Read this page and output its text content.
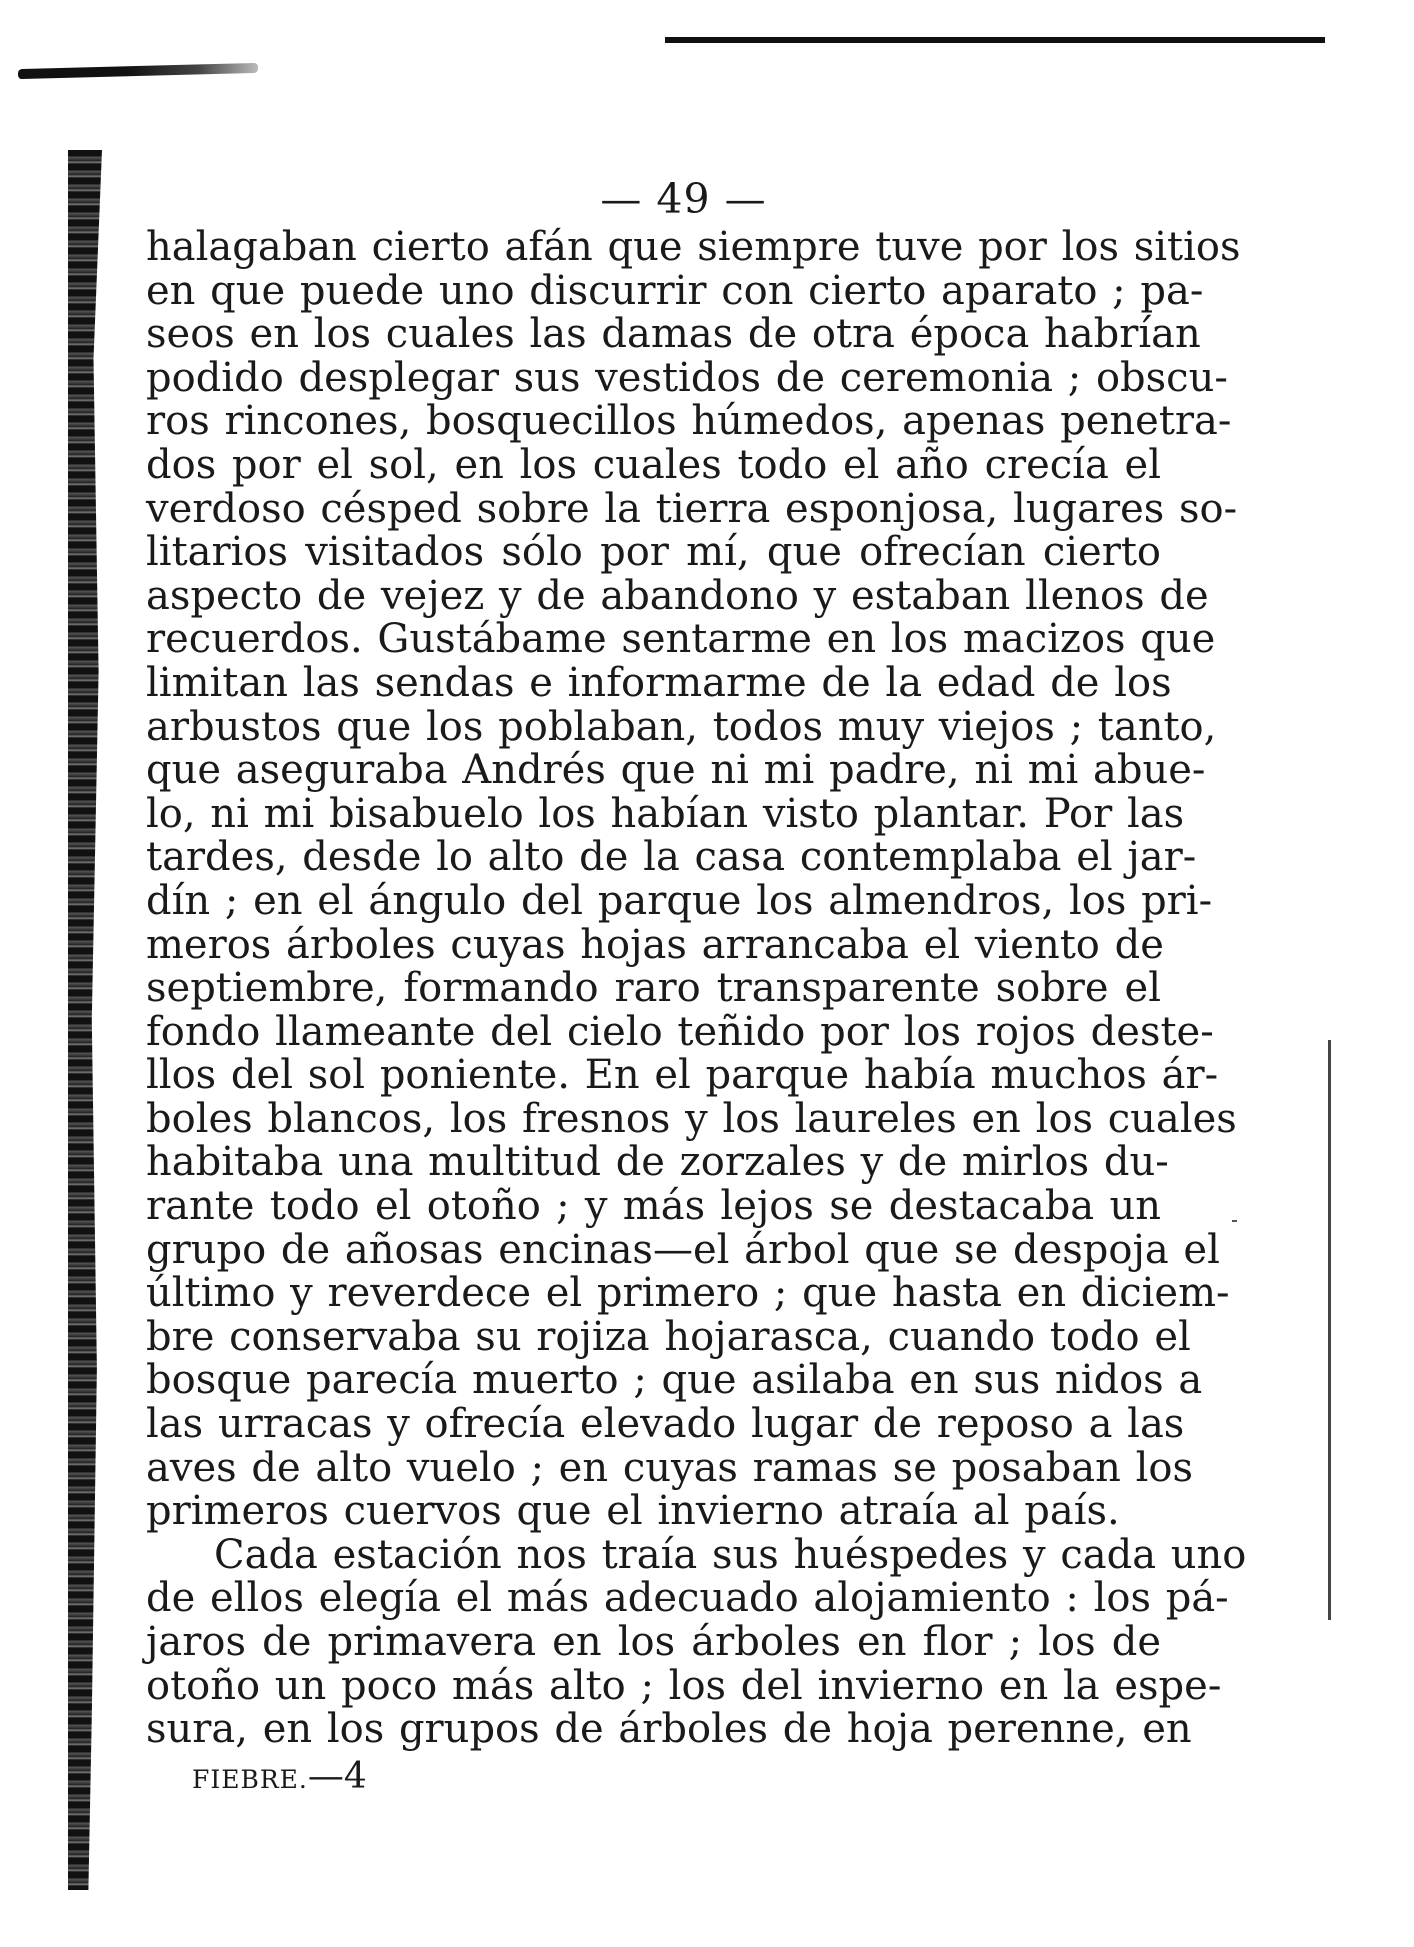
— 49 —

halagaban cierto afán que siempre tuve por los sitios
en que puede uno discurrir con cierto aparato ; pa-
seos en los cuales las damas de otra época habrían
podido desplegar sus vestidos de ceremonia ; obscu-
ros rincones, bosquecillos húmedos, apenas penetra-
dos por el sol, en los cuales todo el año crecía el
verdoso césped sobre la tierra esponjosa, lugares so-
litarios visitados sólo por mí, que ofrecían cierto
aspecto de vejez y de abandono y estaban llenos de
recuerdos. Gustábame sentarme en los macizos que
limitan las sendas e informarme de la edad de los
arbustos que los poblaban, todos muy viejos ; tanto,
que aseguraba Andrés que ni mi padre, ni mi abue-
lo, ni mi bisabuelo los habían visto plantar. Por las
tardes, desde lo alto de la casa contemplaba el jar-
dín ; en el ángulo del parque los almendros, los pri-
meros árboles cuyas hojas arrancaba el viento de
septiembre, formando raro transparente sobre el
fondo llameante del cielo teñido por los rojos deste-
llos del sol poniente. En el parque había muchos ár-
boles blancos, los fresnos y los laureles en los cuales
habitaba una multitud de zorzales y de mirlos du-
rante todo el otoño ; y más lejos se destacaba un
grupo de añosas encinas—el árbol que se despoja el
último y reverdece el primero ; que hasta en diciem-
bre conservaba su rojiza hojarasca, cuando todo el
bosque parecía muerto ; que asilaba en sus nidos a
las urracas y ofrecía elevado lugar de reposo a las
aves de alto vuelo ; en cuyas ramas se posaban los
primeros cuervos que el invierno atraía al país.

Cada estación nos traía sus huéspedes y cada uno
de ellos elegía el más adecuado alojamiento : los pá-
jaros de primavera en los árboles en flor ; los de
otoño un poco más alto ; los del invierno en la espe-
sura, en los grupos de árboles de hoja perenne, en

FIEBRE.—4
